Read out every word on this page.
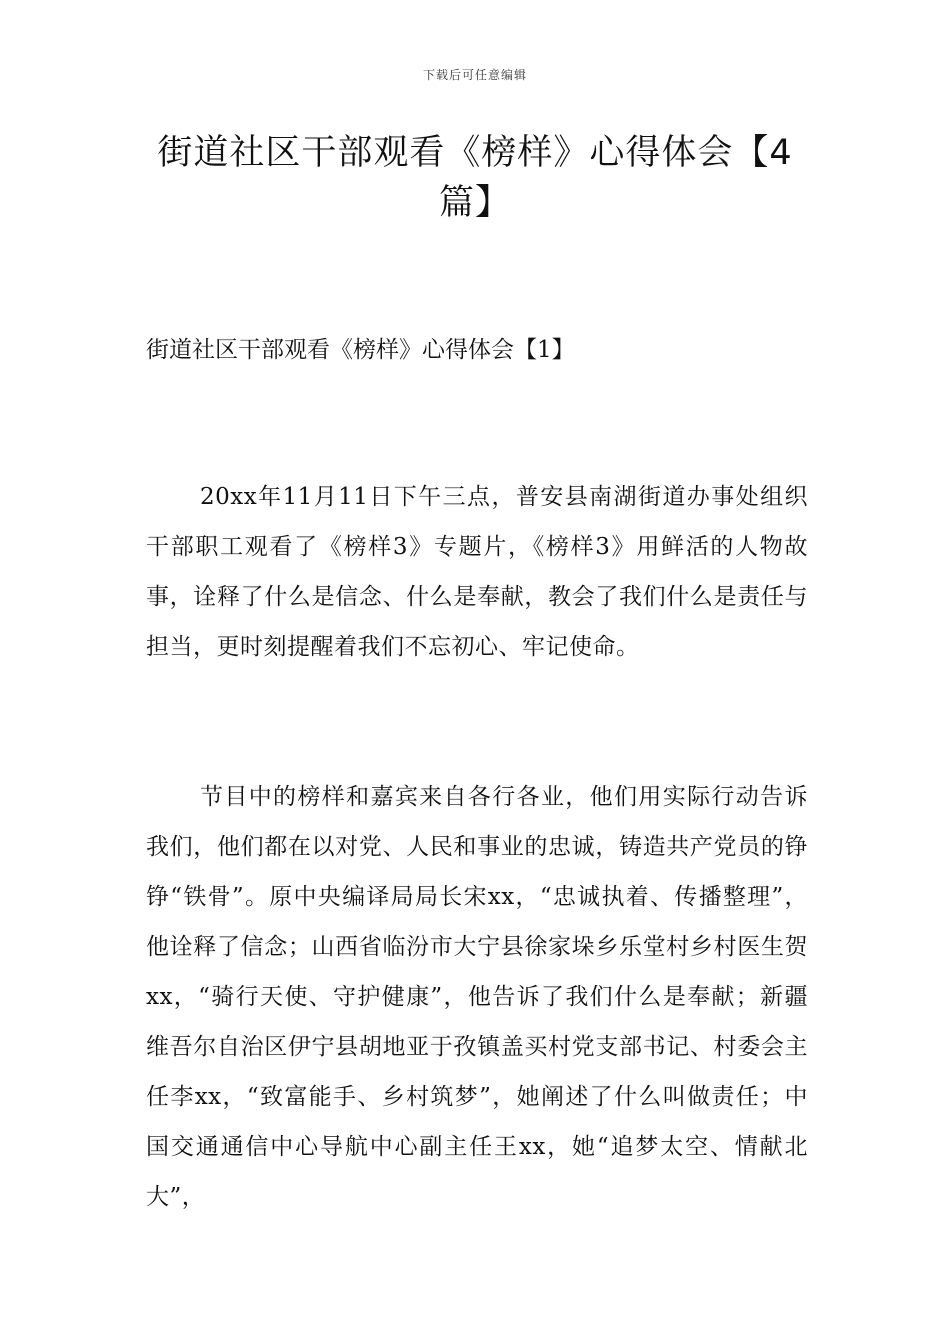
下载后可任意编辑
街道社区干部观看《榜样》心得体会【4篇】
街道社区干部观看《榜样》心得体会【1】

20xx年11月11日下午三点，普安县南湖街道办事处组织干部职工观看了《榜样3》专题片，《榜样3》用鲜活的人物故事，诠释了什么是信念、什么是奉献，教会了我们什么是责任与担当，更时刻提醒着我们不忘初心、牢记使命。

节目中的榜样和嘉宾来自各行各业，他们用实际行动告诉我们，他们都在以对党、人民和事业的忠诚，铸造共产党员的铮铮“铁骨”。原中央编译局局长宋xx，“忠诚执着、传播整理”，他诠释了信念；山西省临汾市大宁县徐家垛乡乐堂村乡村医生贺xx，“骑行天使、守护健康”，他告诉了我们什么是奉献；新疆维吾尔自治区伊宁县胡地亚于孜镇盖买村党支部书记、村委会主任李xx，“致富能手、乡村筑梦”，她阐述了什么叫做责任；中国交通通信中心导航中心副主任王xx，她“追梦太空、情献北大”，
